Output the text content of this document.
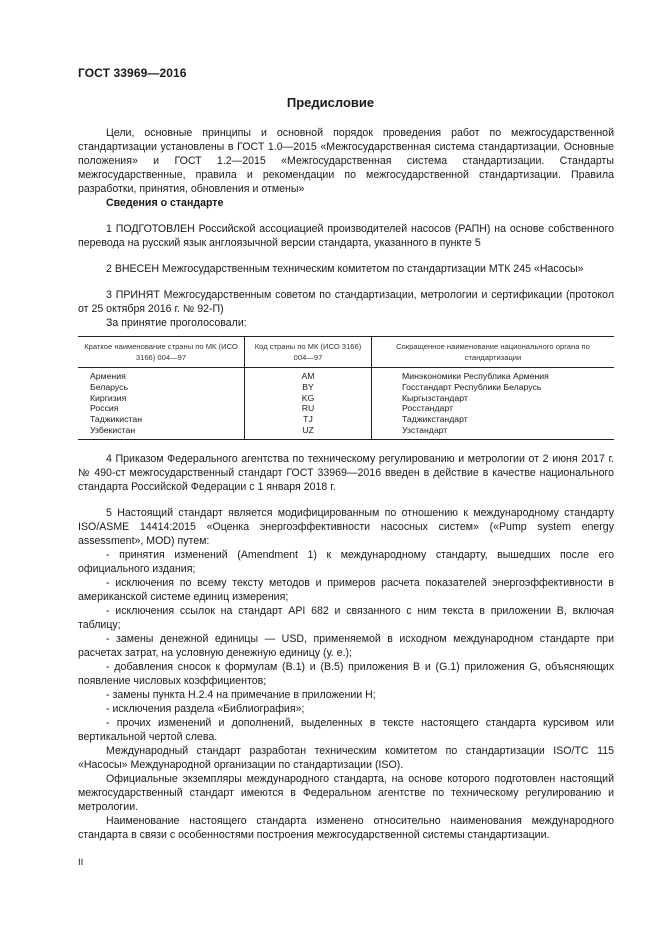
ГОСТ 33969—2016
Предисловие

Цели, основные принципы и основной порядок проведения работ по межгосударственной стандартизации установлены в ГОСТ 1.0—2015 «Межгосударственная система стандартизации. Основные положения» и ГОСТ 1.2—2015 «Межгосударственная система стандартизации. Стандарты межгосударственные, правила и рекомендации по межгосударственной стандартизации. Правила разработки, принятия, обновления и отмены»

Сведения о стандарте

1 ПОДГОТОВЛЕН Российской ассоциацией производителей насосов (РАПН) на основе собственного перевода на русский язык англоязычной версии стандарта, указанного в пункте 5

2 ВНЕСЕН Межгосударственным техническим комитетом по стандартизации МТК 245 «Насосы»

3 ПРИНЯТ Межгосударственным советом по стандартизации, метрологии и сертификации (протокол от 25 октября 2016 г. № 92-П)

За принятие проголосовали:

Краткое наименование страны по МК (ИСО 3166) 004—97	Код страны по МК (ИСО 3166) 004—97	Сокращенное наименование национального органа по стандартизации
Армения	AM	Минэкономики Республика Армения
Беларусь	BY	Госстандарт Республики Беларусь
Киргизия	KG	Кыргызстандарт
Россия	RU	Росстандарт
Таджикистан	TJ	Таджикстандарт
Узбекистан	UZ	Узстандарт

4 Приказом Федерального агентства по техническому регулированию и метрологии от 2 июня 2017 г. № 490-ст межгосударственный стандарт ГОСТ 33969—2016 введен в действие в качестве национального стандарта Российской Федерации с 1 января 2018 г.

5 Настоящий стандарт является модифицированным по отношению к международному стандарту ISO/ASME 14414:2015 «Оценка энергоэффективности насосных систем» («Pump system energy assessment», MOD) путем:

- принятия изменений (Amendment 1) к международному стандарту, вышедших после его официального издания;

- исключения по всему тексту методов и примеров расчета показателей энергоэффективности в американской системе единиц измерения;

- исключения ссылок на стандарт API 682 и связанного с ним текста в приложении В, включая таблицу;

- замены денежной единицы — USD, применяемой в исходном международном стандарте при расчетах затрат, на условную денежную единицу (у. е.);

- добавления сносок к формулам (В.1) и (В.5) приложения В и (G.1) приложения G, объясняющих появление числовых коэффициентов;

- замены пункта Н.2.4 на примечание в приложении Н;

- исключения раздела «Библиография»;

- прочих изменений и дополнений, выделенных в тексте настоящего стандарта курсивом или вертикальной чертой слева.

Международный стандарт разработан техническим комитетом по стандартизации ISO/TC 115 «Насосы» Международной организации по стандартизации (ISO).

Официальные экземпляры международного стандарта, на основе которого подготовлен настоящий межгосударственный стандарт имеются в Федеральном агентстве по техническому регулированию и метрологии.

Наименование настоящего стандарта изменено относительно наименования международного стандарта в связи с особенностями построения межгосударственной системы стандартизации.

II
